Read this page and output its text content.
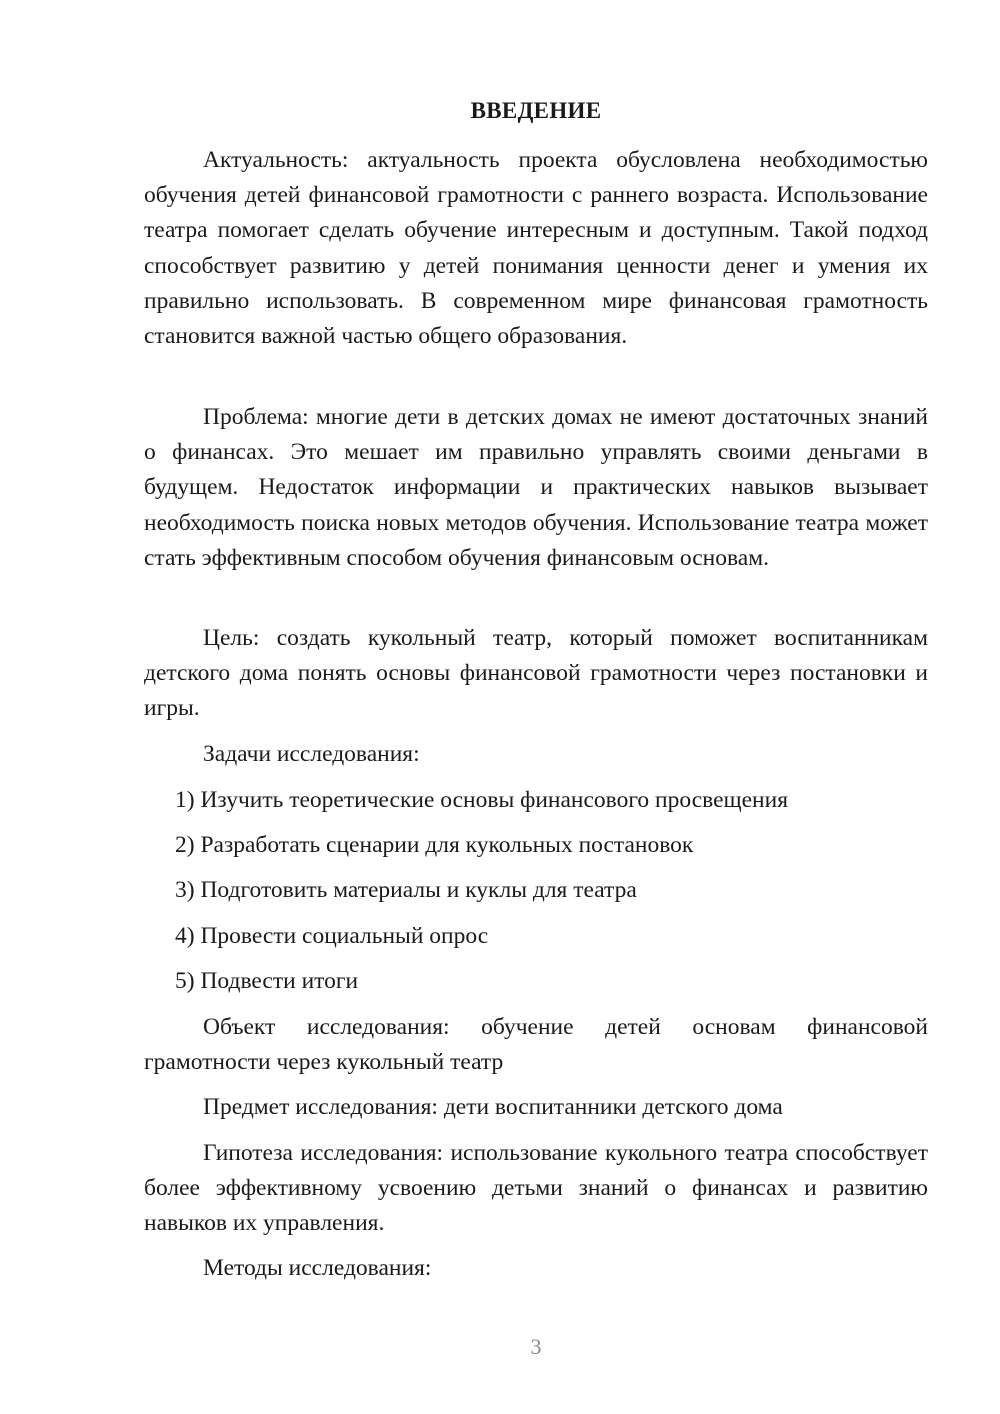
ВВЕДЕНИЕ

Актуальность: актуальность проекта обусловлена необходимостью обучения детей финансовой грамотности с раннего возраста. Использование театра помогает сделать обучение интересным и доступным. Такой подход способствует развитию у детей понимания ценности денег и умения их правильно использовать. В современном мире финансовая грамотность становится важной частью общего образования.

Проблема: многие дети в детских домах не имеют достаточных знаний о финансах. Это мешает им правильно управлять своими деньгами в будущем. Недостаток информации и практических навыков вызывает необходимость поиска новых методов обучения. Использование театра может стать эффективным способом обучения финансовым основам.

Цель: создать кукольный театр, который поможет воспитанникам детского дома понять основы финансовой грамотности через постановки и игры.

Задачи исследования:

1) Изучить теоретические основы финансового просвещения

2) Разработать сценарии для кукольных постановок

3) Подготовить материалы и куклы для театра

4) Провести социальный опрос

5) Подвести итоги

Объект исследования: обучение детей основам финансовой грамотности через кукольный театр

Предмет исследования: дети воспитанники детского дома

Гипотеза исследования: использование кукольного театра способствует более эффективному усвоению детьми знаний о финансах и развитию навыков их управления.

Методы исследования:

3
